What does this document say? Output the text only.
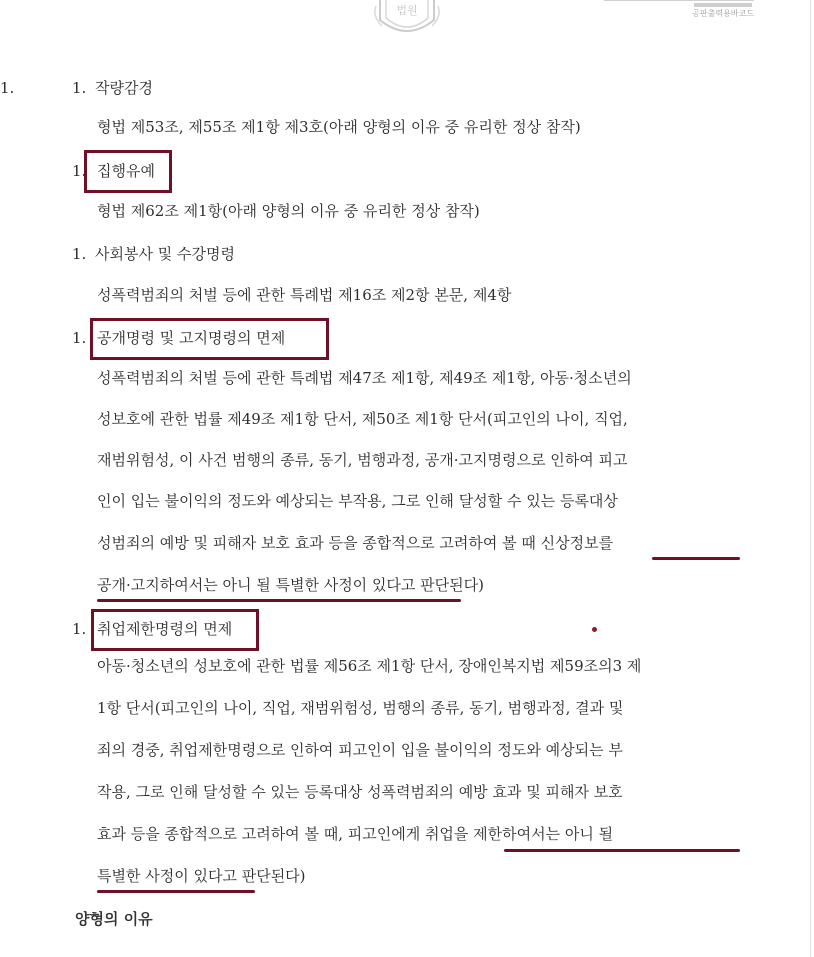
법원	공판출력용바코드
1.	1. 작량감경
형법 제53조, 제55조 제1항 제3호(아래 양형의 이유 중 유리한 정상 참작)
1. 집행유예
형법 제62조 제1항(아래 양형의 이유 중 유리한 정상 참작)
1. 사회봉사 및 수강명령
성폭력범죄의 처벌 등에 관한 특례법 제16조 제2항 본문, 제4항
1. 공개명령 및 고지명령의 면제
성폭력범죄의 처벌 등에 관한 특례법 제47조 제1항, 제49조 제1항, 아동·청소년의
성보호에 관한 법률 제49조 제1항 단서, 제50조 제1항 단서(피고인의 나이, 직업,
재범위험성, 이 사건 범행의 종류, 동기, 범행과정, 공개·고지명령으로 인하여 피고
인이 입는 불이익의 정도와 예상되는 부작용, 그로 인해 달성할 수 있는 등록대상
성범죄의 예방 및 피해자 보호 효과 등을 종합적으로 고려하여 볼 때 신상정보를
공개·고지하여서는 아니 될 특별한 사정이 있다고 판단된다)
1. 취업제한명령의 면제
아동·청소년의 성보호에 관한 법률 제56조 제1항 단서, 장애인복지법 제59조의3 제
1항 단서(피고인의 나이, 직업, 재범위험성, 범행의 종류, 동기, 범행과정, 결과 및
죄의 경중, 취업제한명령으로 인하여 피고인이 입을 불이익의 정도와 예상되는 부
작용, 그로 인해 달성할 수 있는 등록대상 성폭력범죄의 예방 효과 및 피해자 보호
효과 등을 종합적으로 고려하여 볼 때, 피고인에게 취업을 제한하여서는 아니 될
특별한 사정이 있다고 판단된다)
양형의 이유
